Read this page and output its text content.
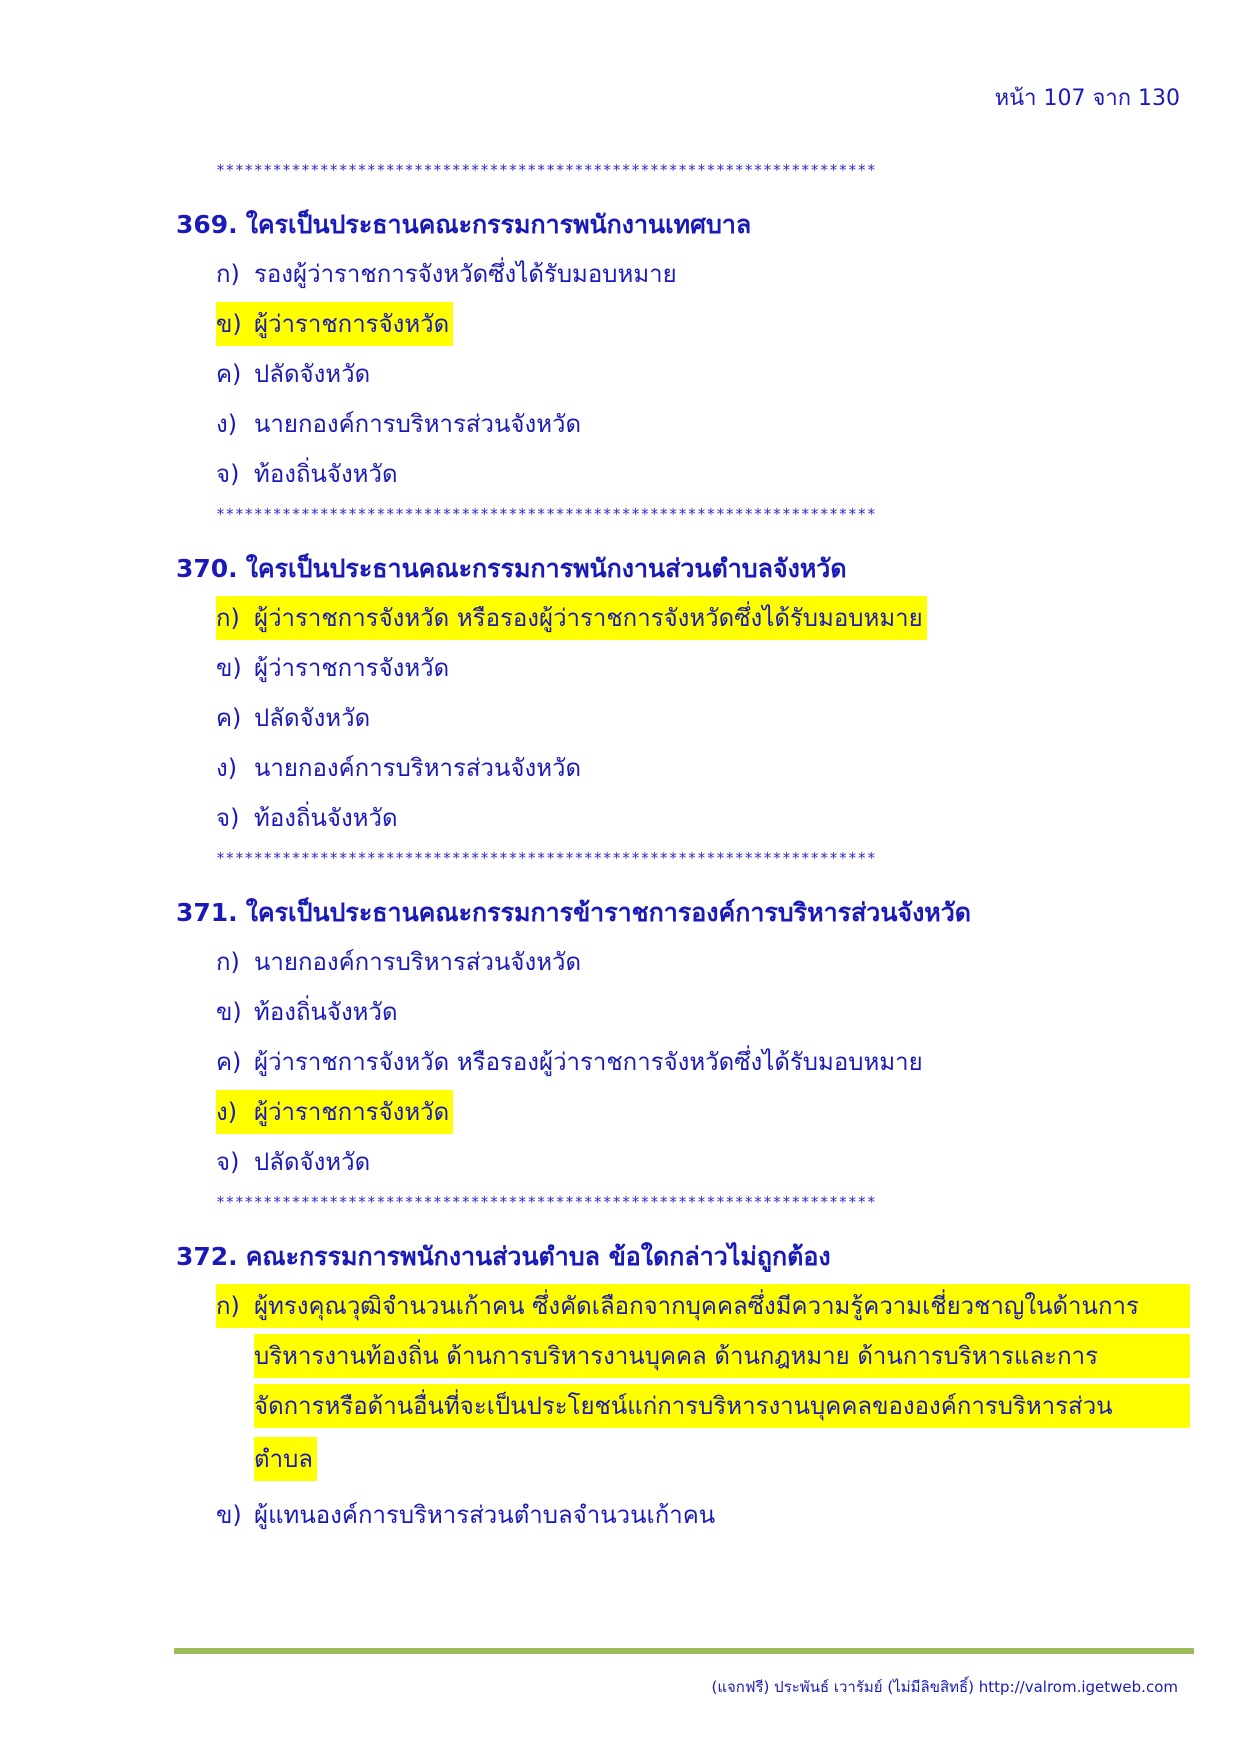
หน้า 107 จาก 130
**********************************************************************
369. ใครเป็นประธานคณะกรรมการพนักงานเทศบาล
ก) รองผู้ว่าราชการจังหวัดซึ่งได้รับมอบหมาย
ข) ผู้ว่าราชการจังหวัด
ค) ปลัดจังหวัด
ง) นายกองค์การบริหารส่วนจังหวัด
จ) ท้องถิ่นจังหวัด
**********************************************************************
370. ใครเป็นประธานคณะกรรมการพนักงานส่วนตำบลจังหวัด
ก) ผู้ว่าราชการจังหวัด หรือรองผู้ว่าราชการจังหวัดซึ่งได้รับมอบหมาย
ข) ผู้ว่าราชการจังหวัด
ค) ปลัดจังหวัด
ง) นายกองค์การบริหารส่วนจังหวัด
จ) ท้องถิ่นจังหวัด
**********************************************************************
371. ใครเป็นประธานคณะกรรมการข้าราชการองค์การบริหารส่วนจังหวัด
ก) นายกองค์การบริหารส่วนจังหวัด
ข) ท้องถิ่นจังหวัด
ค) ผู้ว่าราชการจังหวัด หรือรองผู้ว่าราชการจังหวัดซึ่งได้รับมอบหมาย
ง) ผู้ว่าราชการจังหวัด
จ) ปลัดจังหวัด
**********************************************************************
372. คณะกรรมการพนักงานส่วนตำบล ข้อใดกล่าวไม่ถูกต้อง
ก) ผู้ทรงคุณวุฒิจำนวนเก้าคน ซึ่งคัดเลือกจากบุคคลซึ่งมีความรู้ความเชี่ยวชาญในด้านการ
บริหารงานท้องถิ่น ด้านการบริหารงานบุคคล ด้านกฎหมาย ด้านการบริหารและการ
จัดการหรือด้านอื่นที่จะเป็นประโยชน์แก่การบริหารงานบุคคลขององค์การบริหารส่วน
ตำบล
ข) ผู้แทนองค์การบริหารส่วนตำบลจำนวนเก้าคน
(แจกฟรี) ประพันธ์ เวารัมย์ (ไม่มีลิขสิทธิ์) http://valrom.igetweb.com
